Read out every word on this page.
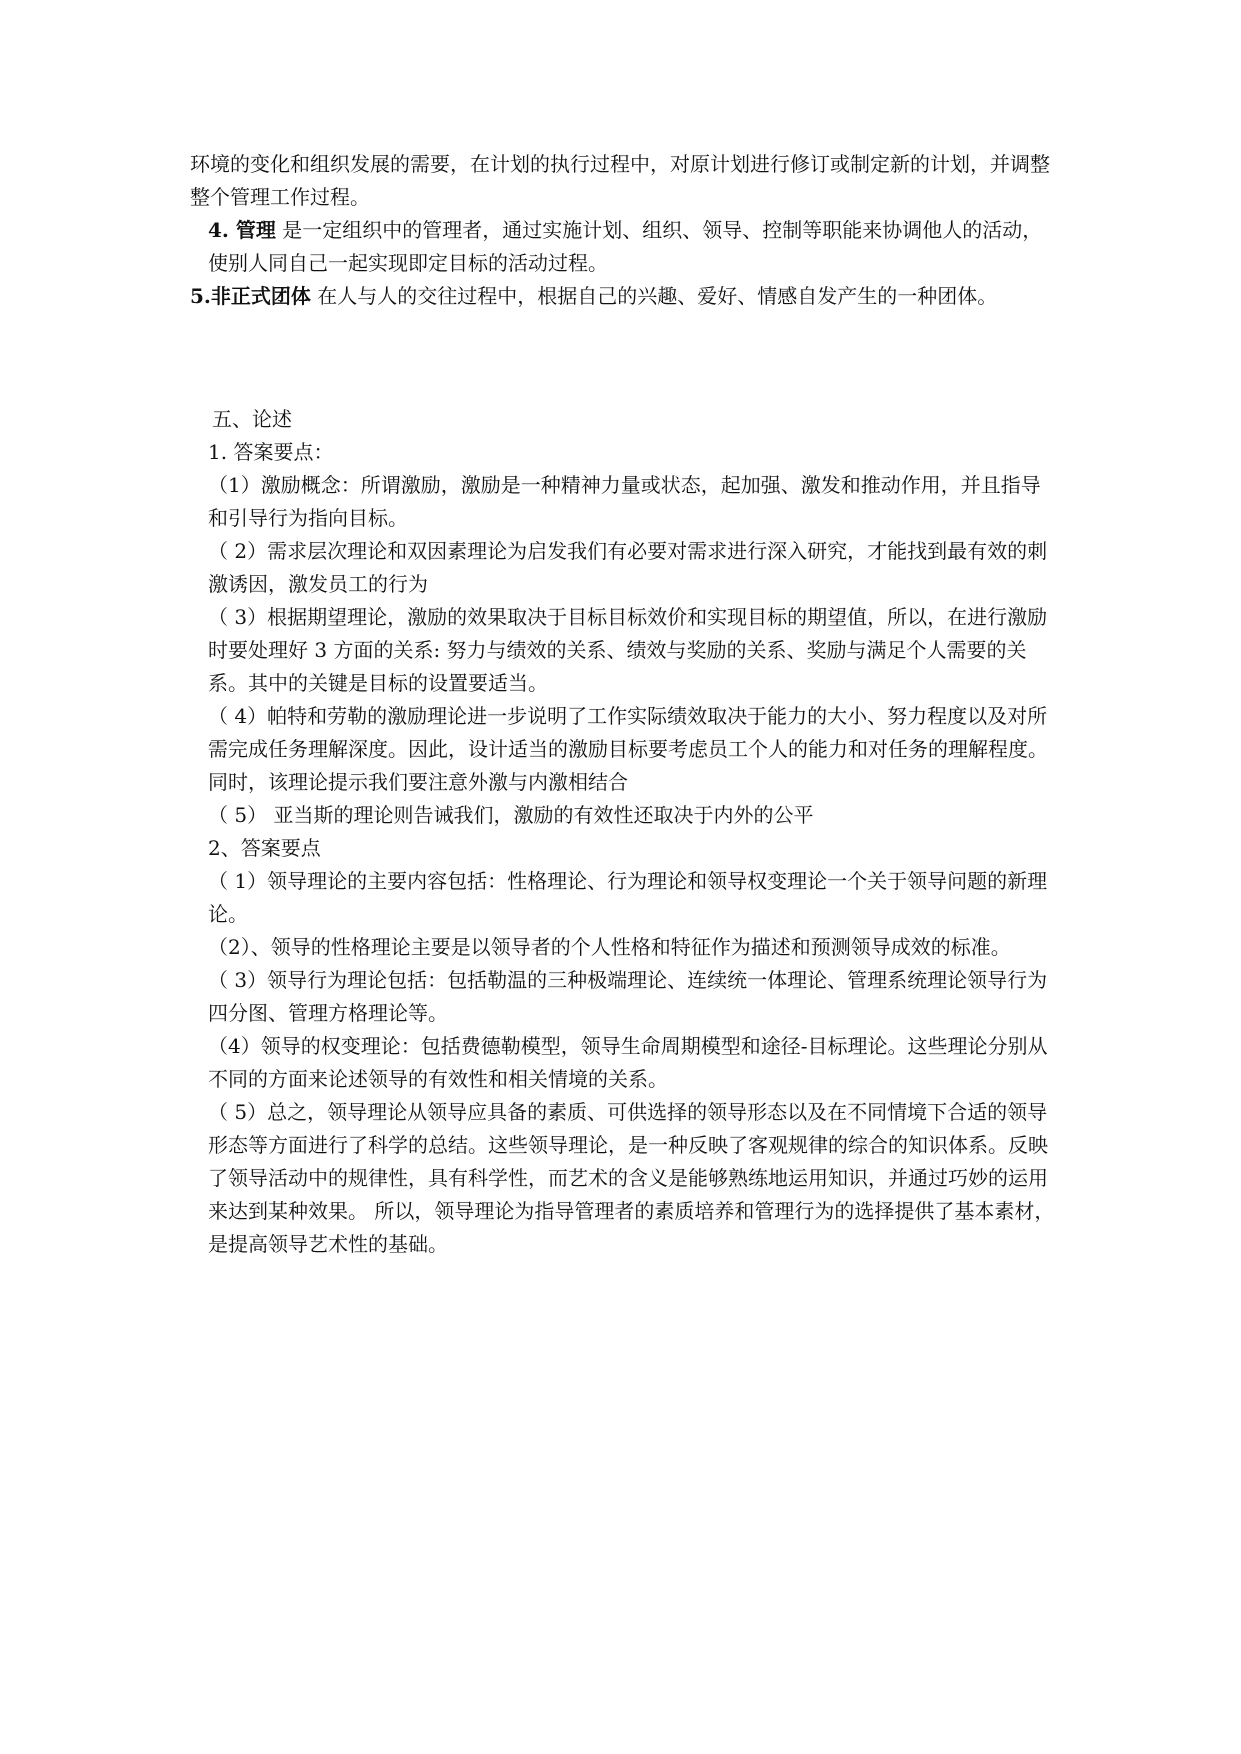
环境的变化和组织发展的需要，在计划的执行过程中，对原计划进行修订或制定新的计划，并调整整个管理工作过程。

4. 管理 是一定组织中的管理者，通过实施计划、组织、领导、控制等职能来协调他人的活动，使别人同自己一起实现即定目标的活动过程。

5.非正式团体 在人与人的交往过程中，根据自己的兴趣、爱好、情感自发产生的一种团体。

五、论述

1. 答案要点：

（1）激励概念：所谓激励，激励是一种精神力量或状态，起加强、激发和推动作用，并且指导和引导行为指向目标。

（ 2）需求层次理论和双因素理论为启发我们有必要对需求进行深入研究，才能找到最有效的刺激诱因，激发员工的行为

（ 3）根据期望理论，激励的效果取决于目标目标效价和实现目标的期望值，所以，在进行激励时要处理好 3 方面的关系: 努力与绩效的关系、绩效与奖励的关系、奖励与满足个人需要的关系。其中的关键是目标的设置要适当。

（ 4）帕特和劳勒的激励理论进一步说明了工作实际绩效取决于能力的大小、努力程度以及对所需完成任务理解深度。因此，设计适当的激励目标要考虑员工个人的能力和对任务的理解程度。同时，该理论提示我们要注意外激与内激相结合

（ 5） 亚当斯的理论则告诫我们，激励的有效性还取决于内外的公平

2、答案要点

（ 1）领导理论的主要内容包括：性格理论、行为理论和领导权变理论一个关于领导问题的新理论。

（2）、领导的性格理论主要是以领导者的个人性格和特征作为描述和预测领导成效的标准。

（ 3）领导行为理论包括：包括勒温的三种极端理论、连续统一体理论、管理系统理论领导行为四分图、管理方格理论等。

（4）领导的权变理论：包括费德勒模型，领导生命周期模型和途径-目标理论。这些理论分别从不同的方面来论述领导的有效性和相关情境的关系。

（ 5）总之，领导理论从领导应具备的素质、可供选择的领导形态以及在不同情境下合适的领导形态等方面进行了科学的总结。这些领导理论，是一种反映了客观规律的综合的知识体系。反映了领导活动中的规律性，具有科学性，而艺术的含义是能够熟练地运用知识，并通过巧妙的运用来达到某种效果。 所以，领导理论为指导管理者的素质培养和管理行为的选择提供了基本素材，是提高领导艺术性的基础。
